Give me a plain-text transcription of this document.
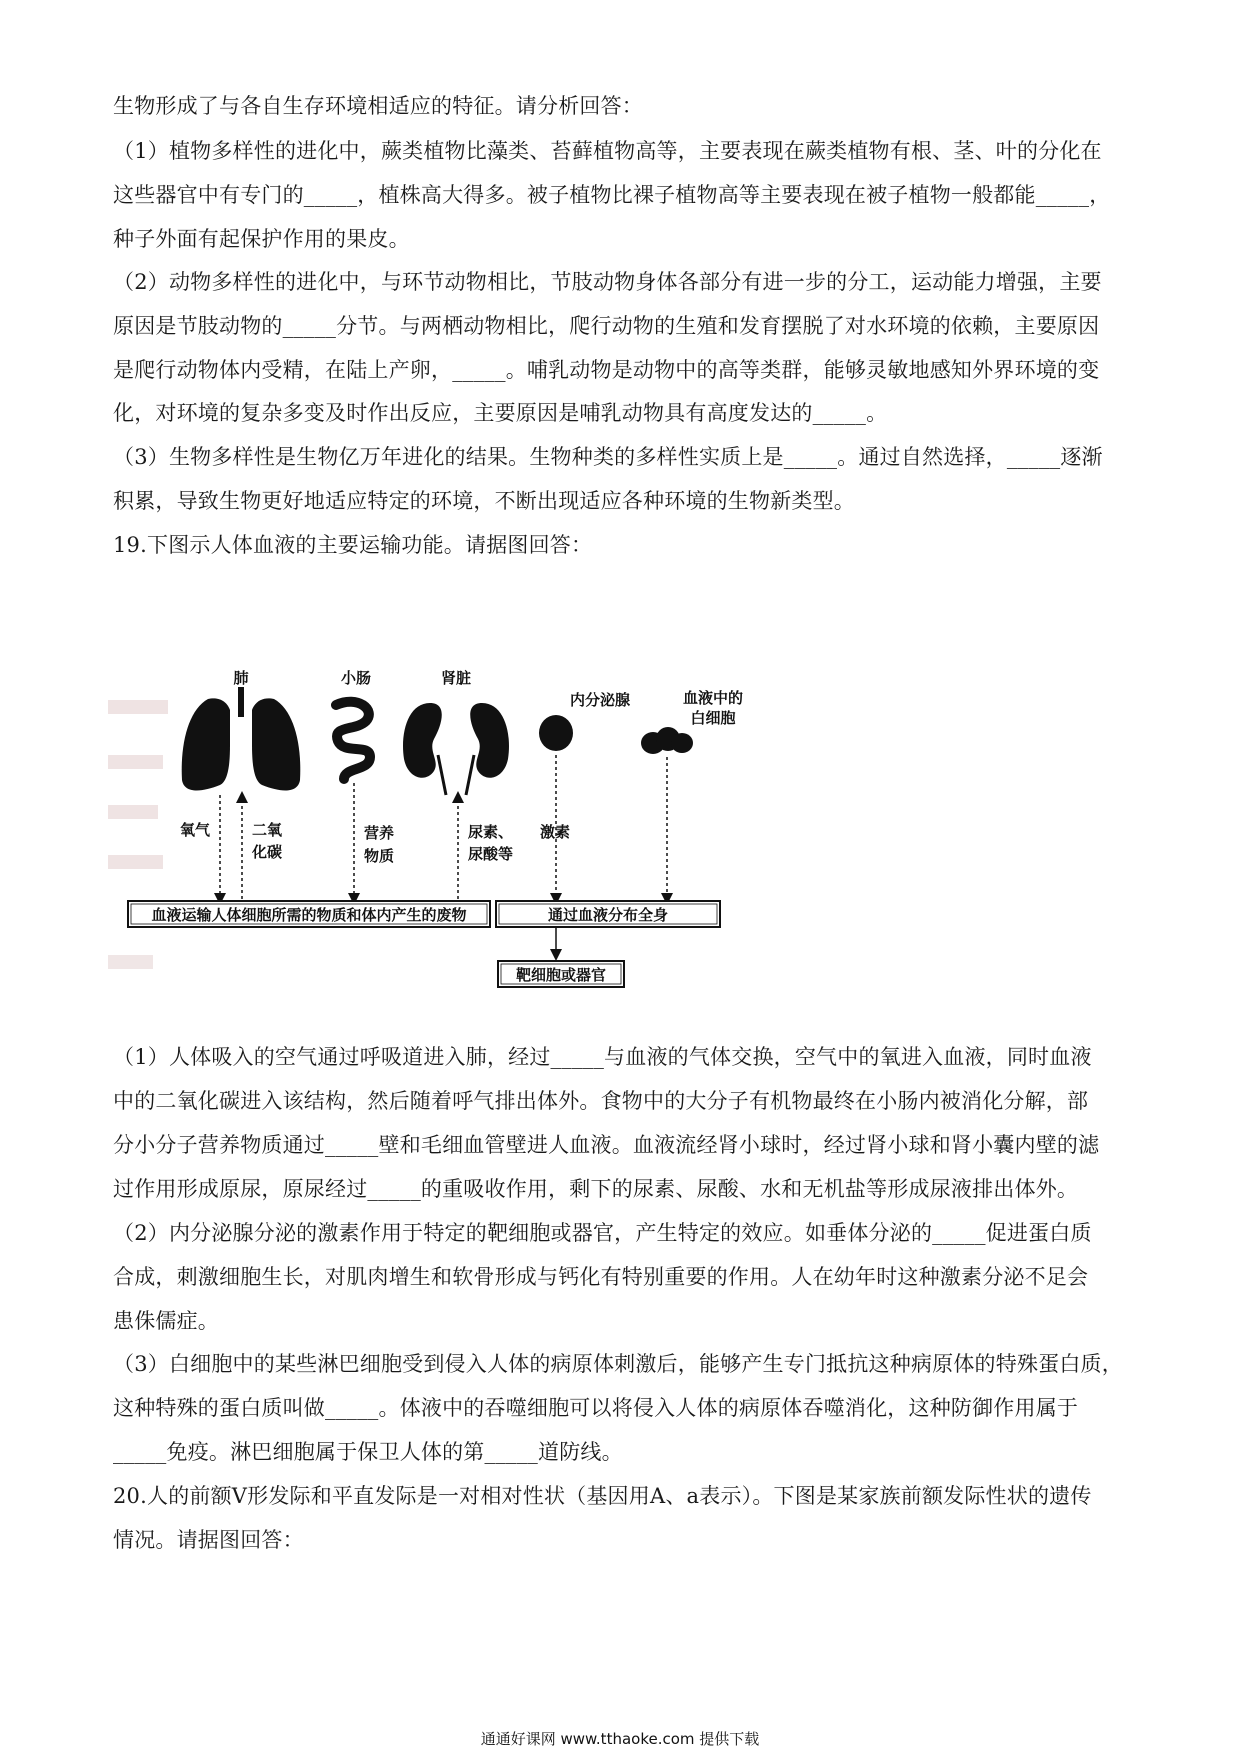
生物形成了与各自生存环境相适应的特征。请分析回答：
（1）植物多样性的进化中，蕨类植物比藻类、苔藓植物高等，主要表现在蕨类植物有根、茎、叶的分化在
这些器官中有专门的_____，植株高大得多。被子植物比裸子植物高等主要表现在被子植物一般都能_____，
种子外面有起保护作用的果皮。
（2）动物多样性的进化中，与环节动物相比，节肢动物身体各部分有进一步的分工，运动能力增强，主要
原因是节肢动物的_____分节。与两栖动物相比，爬行动物的生殖和发育摆脱了对水环境的依赖，主要原因
是爬行动物体内受精，在陆上产卵，_____。哺乳动物是动物中的高等类群，能够灵敏地感知外界环境的变
化，对环境的复杂多变及时作出反应，主要原因是哺乳动物具有高度发达的_____。
（3）生物多样性是生物亿万年进化的结果。生物种类的多样性实质上是_____。通过自然选择，_____逐渐
积累，导致生物更好地适应特定的环境，不断出现适应各种环境的生物新类型。
19.下图示人体血液的主要运输功能。请据图回答：
肺	小肠	肾脏
内分泌腺	血液中的
白细胞
氧气	二氧
化碳
营养
物质
尿素、
尿酸等
激素
血液运输人体细胞所需的物质和体内产生的废物	通过血液分布全身
靶细胞或器官
（1）人体吸入的空气通过呼吸道进入肺，经过_____与血液的气体交换，空气中的氧进入血液，同时血液
中的二氧化碳进入该结构，然后随着呼气排出体外。食物中的大分子有机物最终在小肠内被消化分解，部
分小分子营养物质通过_____壁和毛细血管壁进人血液。血液流经肾小球时，经过肾小球和肾小囊内壁的滤
过作用形成原尿，原尿经过_____的重吸收作用，剩下的尿素、尿酸、水和无机盐等形成尿液排出体外。
（2）内分泌腺分泌的激素作用于特定的靶细胞或器官，产生特定的效应。如垂体分泌的_____促进蛋白质
合成，刺激细胞生长，对肌肉增生和软骨形成与钙化有特别重要的作用。人在幼年时这种激素分泌不足会
患侏儒症。
（3）白细胞中的某些淋巴细胞受到侵入人体的病原体刺激后，能够产生专门抵抗这种病原体的特殊蛋白质，
这种特殊的蛋白质叫做_____。体液中的吞噬细胞可以将侵入人体的病原体吞噬消化，这种防御作用属于
_____免疫。淋巴细胞属于保卫人体的第_____道防线。
20.人的前额V形发际和平直发际是一对相对性状（基因用A、a表示）。下图是某家族前额发际性状的遗传
情况。请据图回答：
通通好课网 www.tthaoke.com 提供下载
